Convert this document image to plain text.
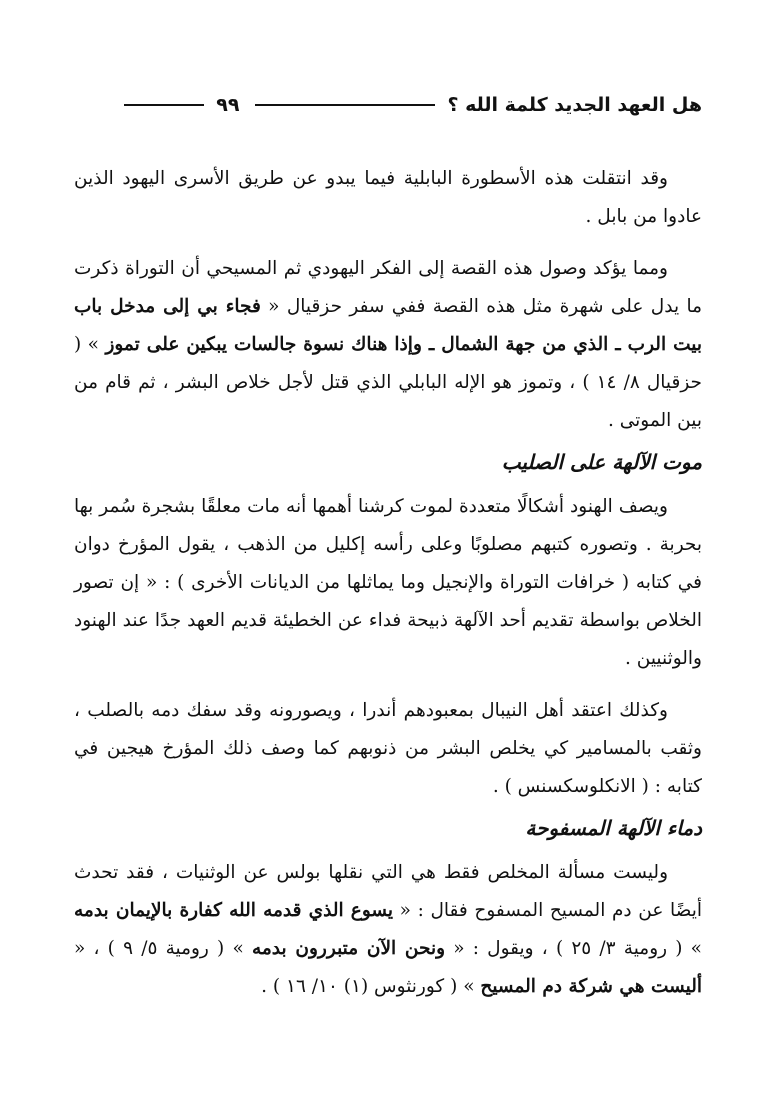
هل العهد الجديد كلمة الله ؟
٩٩

وقد انتقلت هذه الأسطورة البابلية فيما يبدو عن طريق الأسرى اليهود الذين عادوا من بابل .

ومما يؤكد وصول هذه القصة إلى الفكر اليهودي ثم المسيحي أن التوراة ذكرت ما يدل على شهرة مثل هذه القصة ففي سفر حزقيال « فجاء بي إلى مدخل باب بيت الرب ـ الذي من جهة الشمال ـ وإذا هناك نسوة جالسات يبكين على تموز » ( حزقيال ٨/ ١٤ ) ، وتموز هو الإله البابلي الذي قتل لأجل خلاص البشر ، ثم قام من بين الموتى .

موت الآلهة على الصليب

ويصف الهنود أشكالًا متعددة لموت كرشنا أهمها أنه مات معلقًا بشجرة سُمر بها بحربة . وتصوره كتبهم مصلوبًا وعلى رأسه إكليل من الذهب ، يقول المؤرخ دوان في كتابه ( خرافات التوراة والإنجيل وما يماثلها من الديانات الأخرى ) : « إن تصور الخلاص بواسطة تقديم أحد الآلهة ذبيحة فداء عن الخطيئة قديم العهد جدًا عند الهنود والوثنيين .

وكذلك اعتقد أهل النيبال بمعبودهم أندرا ، ويصورونه وقد سفك دمه بالصلب ، وثقب بالمسامير كي يخلص البشر من ذنوبهم كما وصف ذلك المؤرخ هيجين في كتابه : ( الانكلوسكسنس ) .

دماء الآلهة المسفوحة

وليست مسألة المخلص فقط هي التي نقلها بولس عن الوثنيات ، فقد تحدث أيضًا عن دم المسيح المسفوح فقال : « يسوع الذي قدمه الله كفارة بالإيمان بدمه » ( رومية ٣/ ٢٥ ) ، ويقول : « ونحن الآن متبررون بدمه » ( رومية ٥/ ٩ ) ، « أليست هي شركة دم المسيح » ( كورنثوس (١) ١٠/ ١٦ ) .
